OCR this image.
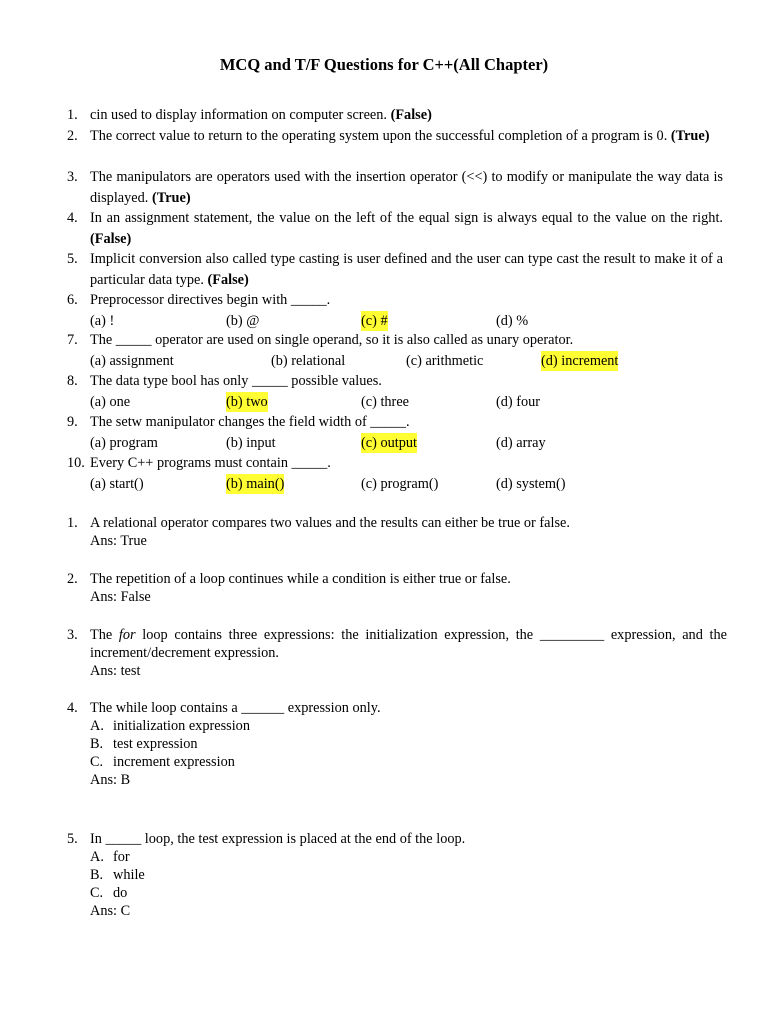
MCQ and T/F Questions for C++(All Chapter)
1. cin used to display information on computer screen. (False)
2. The correct value to return to the operating system upon the successful completion of a program is 0. (True)
3. The manipulators are operators used with the insertion operator (<<) to modify or manipulate the way data is displayed. (True)
4. In an assignment statement, the value on the left of the equal sign is always equal to the value on the right. (False)
5. Implicit conversion also called type casting is user defined and the user can type cast the result to make it of a particular data type. (False)
6. Preprocessor directives begin with _____.
(a) !	(b) @	(c) #	(d) %
7. The _____ operator are used on single operand, so it is also called as unary operator.
(a) assignment	(b) relational	(c) arithmetic	(d) increment
8. The data type bool has only _____ possible values.
(a) one	(b) two	(c) three	(d) four
9. The setw manipulator changes the field width of _____.
(a) program	(b) input	(c) output	(d) array
10. Every C++ programs must contain _____.
(a) start()	(b) main()	(c) program()	(d) system()
1. A relational operator compares two values and the results can either be true or false.
Ans: True
2. The repetition of a loop continues while a condition is either true or false.
Ans: False
3. The for loop contains three expressions: the initialization expression, the _________ expression, and the increment/decrement expression.
Ans: test
4. The while loop contains a ______ expression only.
A. initialization expression
B. test expression
C. increment expression
Ans: B
5. In _____ loop, the test expression is placed at the end of the loop.
A. for
B. while
C. do
Ans: C
